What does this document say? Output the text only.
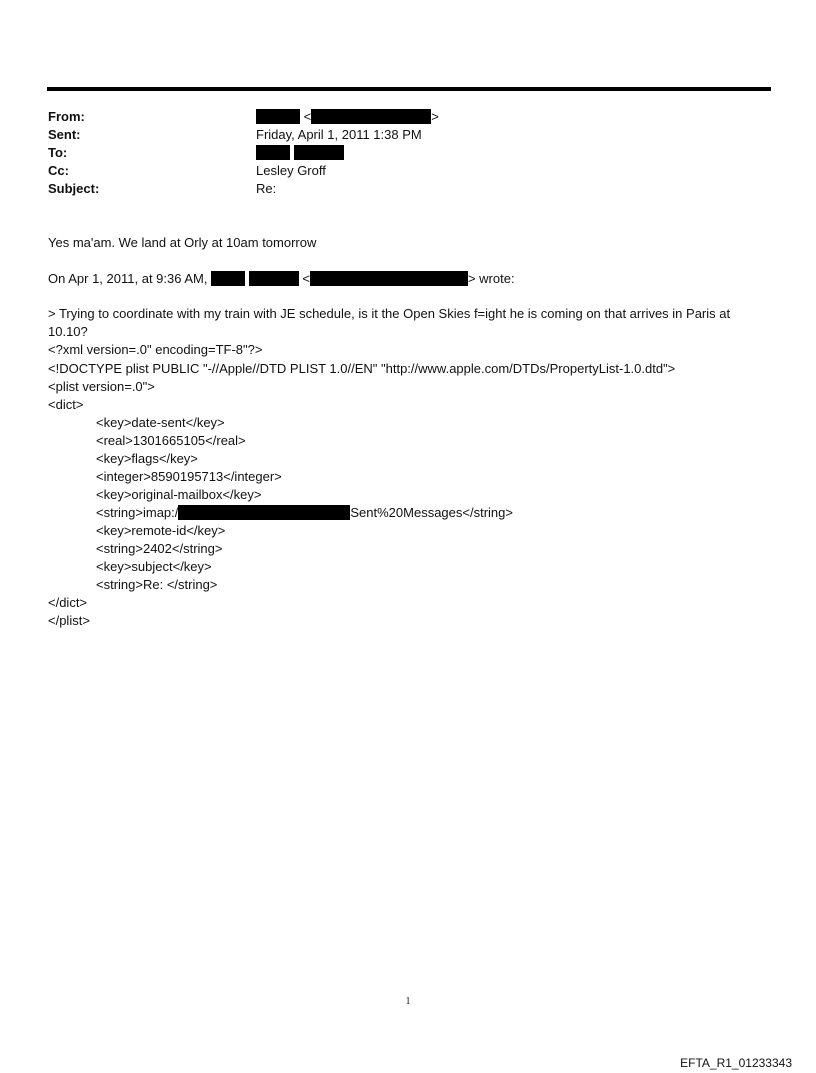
From:	<	>
Sent:	Friday, April 1, 2011 1:38 PM
To:

Cc:	Lesley Groff
Subject:	Re:
Yes ma'am. We land at Orly at 10am tomorrow
On Apr 1, 2011, at 9:36 AM,	<	> wrote:
> Trying to coordinate with my train with JE schedule, is it the Open Skies f=ight he is coming on that arrives in Paris at
10.10?
<?xml version=.0" encoding=TF-8"?>
<!DOCTYPE plist PUBLIC "-//Apple//DTD PLIST 1.0//EN" "http://www.apple.com/DTDs/PropertyList-1.0.dtd">
<plist version=.0">
<dict>
<key>date-sent</key>
<real>1301665105</real>
<key>flags</key>
<integer>8590195713</integer>
<key>original-mailbox</key>
<string>imap:/	Sent%20Messages</string>
<key>remote-id</key>
<string>2402</string>
<key>subject</key>
<string>Re: </string>
</dict>
</plist>
1
EFTA_R1_01233343
